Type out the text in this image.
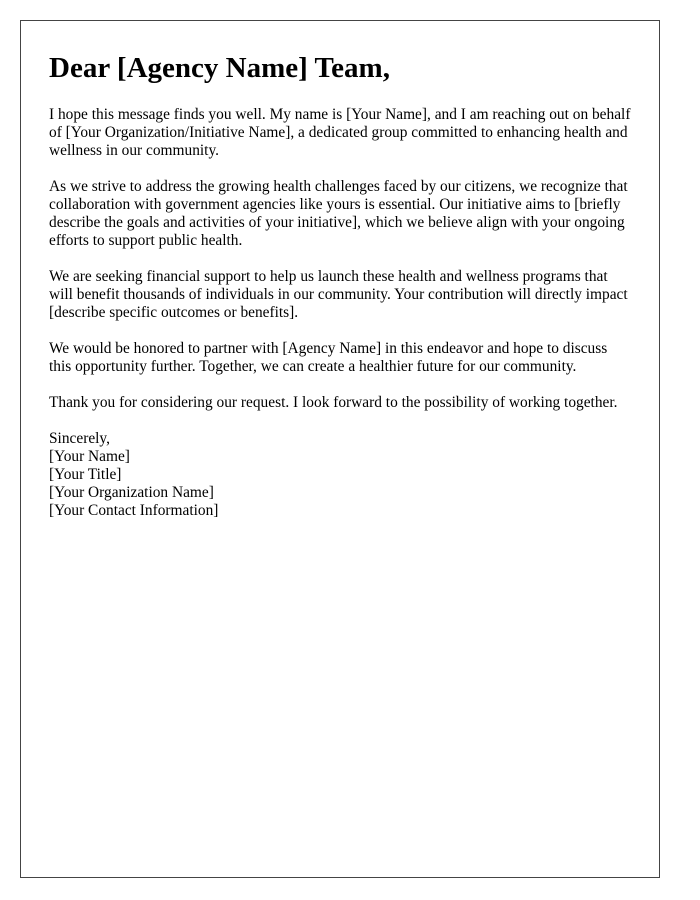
Dear [Agency Name] Team,

I hope this message finds you well. My name is [Your Name], and I am reaching out on behalf of [Your Organization/Initiative Name], a dedicated group committed to enhancing health and wellness in our community.

As we strive to address the growing health challenges faced by our citizens, we recognize that collaboration with government agencies like yours is essential. Our initiative aims to [briefly describe the goals and activities of your initiative], which we believe align with your ongoing efforts to support public health.

We are seeking financial support to help us launch these health and wellness programs that will benefit thousands of individuals in our community. Your contribution will directly impact [describe specific outcomes or benefits].

We would be honored to partner with [Agency Name] in this endeavor and hope to discuss this opportunity further. Together, we can create a healthier future for our community.

Thank you for considering our request. I look forward to the possibility of working together.

Sincerely,
[Your Name]
[Your Title]
[Your Organization Name]
[Your Contact Information]
